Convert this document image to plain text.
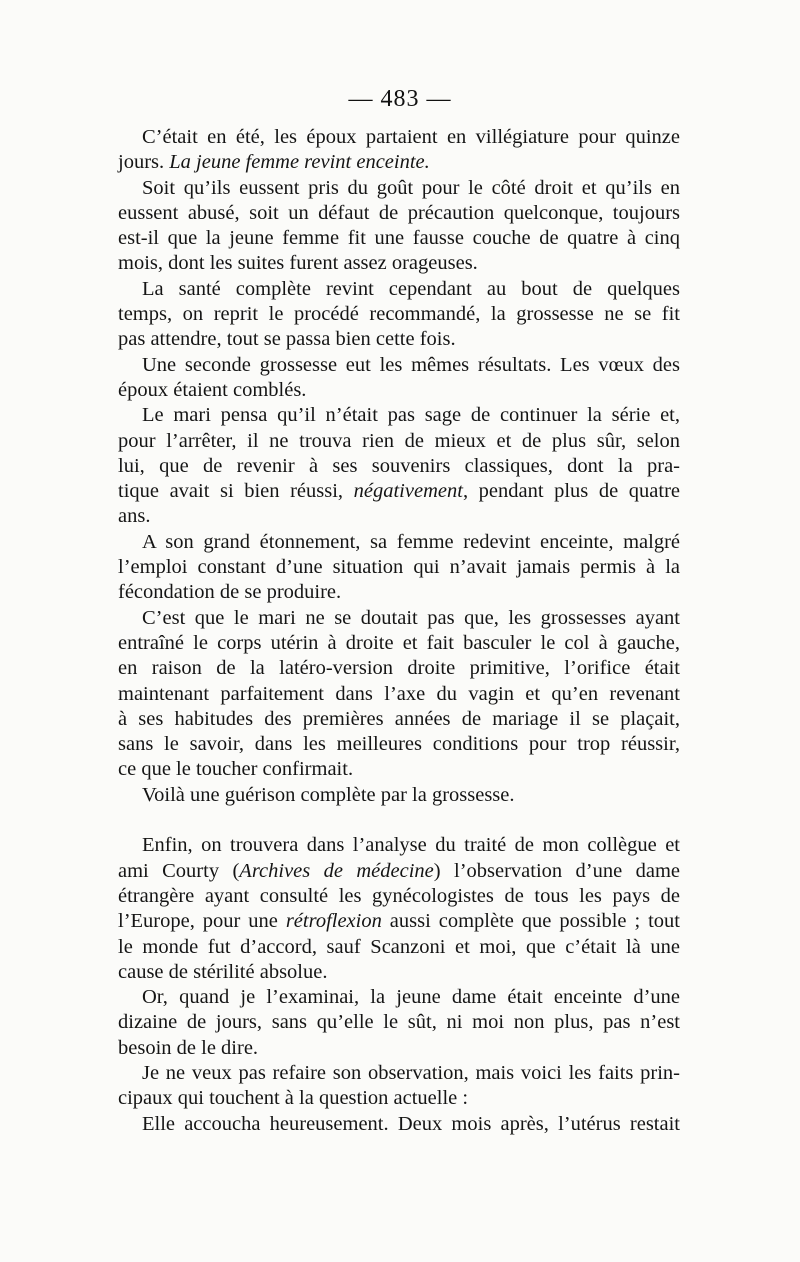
— 483 —
C’était en été, les époux partaient en villégiature pour quinze
jours. La jeune femme revint enceinte.
Soit qu’ils eussent pris du goût pour le côté droit et qu’ils en
eussent abusé, soit un défaut de précaution quelconque, toujours
est-il que la jeune femme fit une fausse couche de quatre à cinq
mois, dont les suites furent assez orageuses.
La santé complète revint cependant au bout de quelques
temps, on reprit le procédé recommandé, la grossesse ne se fit
pas attendre, tout se passa bien cette fois.
Une seconde grossesse eut les mêmes résultats. Les vœux des
époux étaient comblés.
Le mari pensa qu’il n’était pas sage de continuer la série et,
pour l’arrêter, il ne trouva rien de mieux et de plus sûr, selon
lui, que de revenir à ses souvenirs classiques, dont la pra-
tique avait si bien réussi, négativement, pendant plus de quatre
ans.
A son grand étonnement, sa femme redevint enceinte, malgré
l’emploi constant d’une situation qui n’avait jamais permis à la
fécondation de se produire.
C’est que le mari ne se doutait pas que, les grossesses ayant
entraîné le corps utérin à droite et fait basculer le col à gauche,
en raison de la latéro-version droite primitive, l’orifice était
maintenant parfaitement dans l’axe du vagin et qu’en revenant
à ses habitudes des premières années de mariage il se plaçait,
sans le savoir, dans les meilleures conditions pour trop réussir,
ce que le toucher confirmait.
Voilà une guérison complète par la grossesse.
Enfin, on trouvera dans l’analyse du traité de mon collègue et
ami Courty (Archives de médecine) l’observation d’une dame
étrangère ayant consulté les gynécologistes de tous les pays de
l’Europe, pour une rétroflexion aussi complète que possible ; tout
le monde fut d’accord, sauf Scanzoni et moi, que c’était là une
cause de stérilité absolue.
Or, quand je l’examinai, la jeune dame était enceinte d’une
dizaine de jours, sans qu’elle le sût, ni moi non plus, pas n’est
besoin de le dire.
Je ne veux pas refaire son observation, mais voici les faits prin-
cipaux qui touchent à la question actuelle :
Elle accoucha heureusement. Deux mois après, l’utérus restait
